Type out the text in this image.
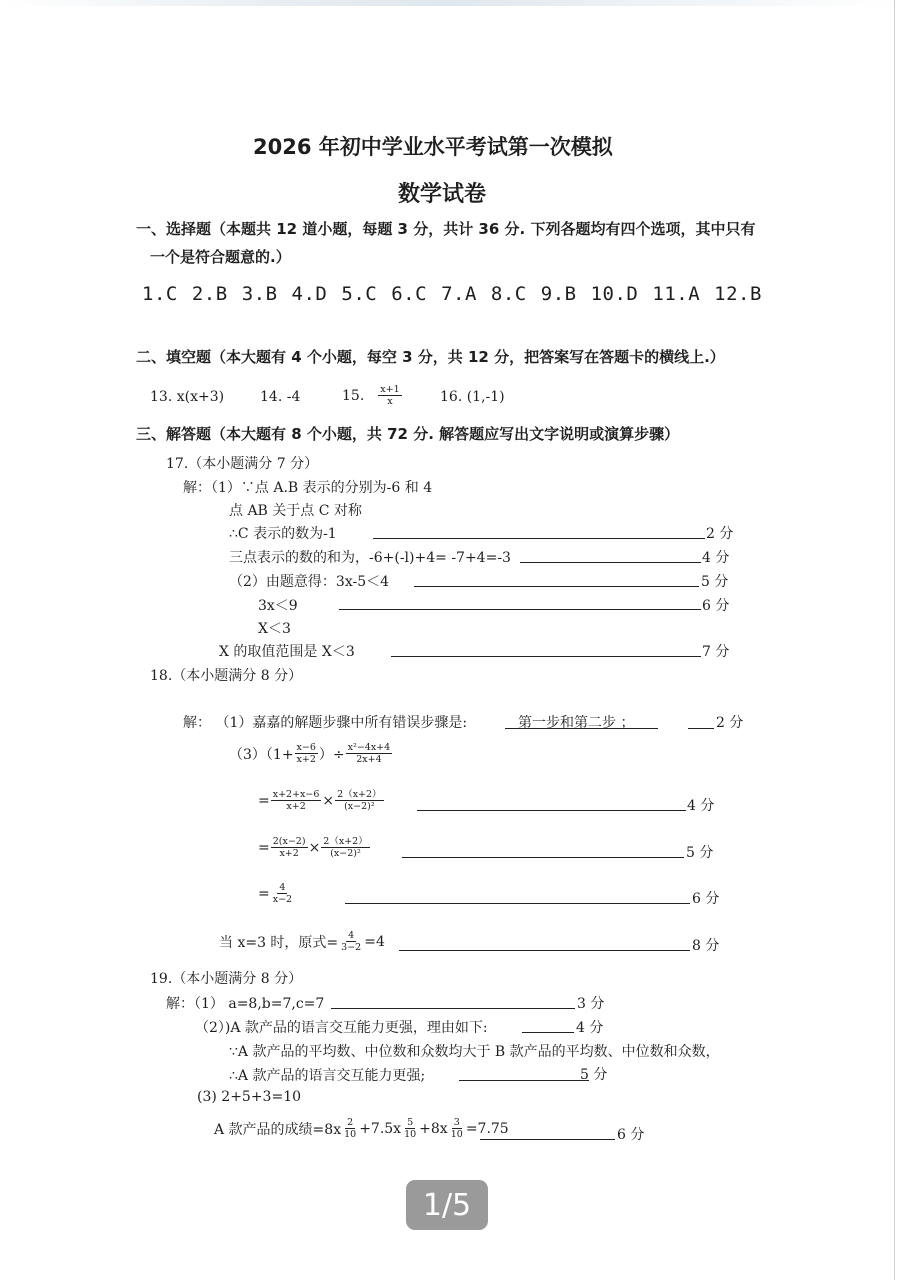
2026 年初中学业水平考试第一次模拟
数学试卷
一、选择题（本题共 12 道小题，每题 3 分，共计 36 分. 下列各题均有四个选项，其中只有
一个是符合题意的.）
1.C 2.B 3.B 4.D 5.C 6.C 7.A 8.C 9.B 10.D 11.A 12.B
二、填空题（本大题有 4 个小题，每空 3 分，共 12 分，把答案写在答题卡的横线上.）
13. x(x+3)	14. -4	15. $\frac{x+1}{x}$	16. (1,-1)
三、解答题（本大题有 8 个小题，共 72 分. 解答题应写出文字说明或演算步骤）
17.（本小题满分 7 分）
解：（1）∵点 A.B 表示的分别为-6 和 4
点 AB 关于点 C 对称
∴C 表示的数为-1	2 分
三点表示的数的和为，-6+(-l)+4= -7+4=-3	4 分
（2）由题意得：3x-5＜4	5 分
3x＜9	6 分
X＜3
X 的取值范围是 X＜3	7 分
18.（本小题满分 8 分）
解： （1）嘉嘉的解题步骤中所有错误步骤是:	第一步和第二步 ；	2 分
$(3)(1+ \frac{x-6}{x+2}$ ）÷ $\frac{\text{x²−4x+4}}{2x+4}$
= $\frac{x+2+x-6}{x+2} \times \frac{2(x+2)}{\text{(x−2)²}}$	4 分
= $\frac{2(x-2)}{x+2} \times \frac{2(x+2)}{\text{(x−2)²}}$	5 分
= $\frac{4}{x-2}$	6 分
当 x=3 时，原式= $\frac{4}{3-2} =4$	8 分
19.（本小题满分 8 分）
解：（1） a=8,b=7,c=7	3 分
（2）)A 款产品的语言交互能力更强，理由如下:	4 分
∵A 款产品的平均数、中位数和众数均大于 B 款产品的平均数、中位数和众数，
∴A 款产品的语言交互能力更强;	5 分
(3) 2+5+3=10
A 款产品的成绩$=8x \frac{2}{10} +7.5x \frac{5}{10} +8x \frac{3}{10} =7.75$	6 分
1/5
